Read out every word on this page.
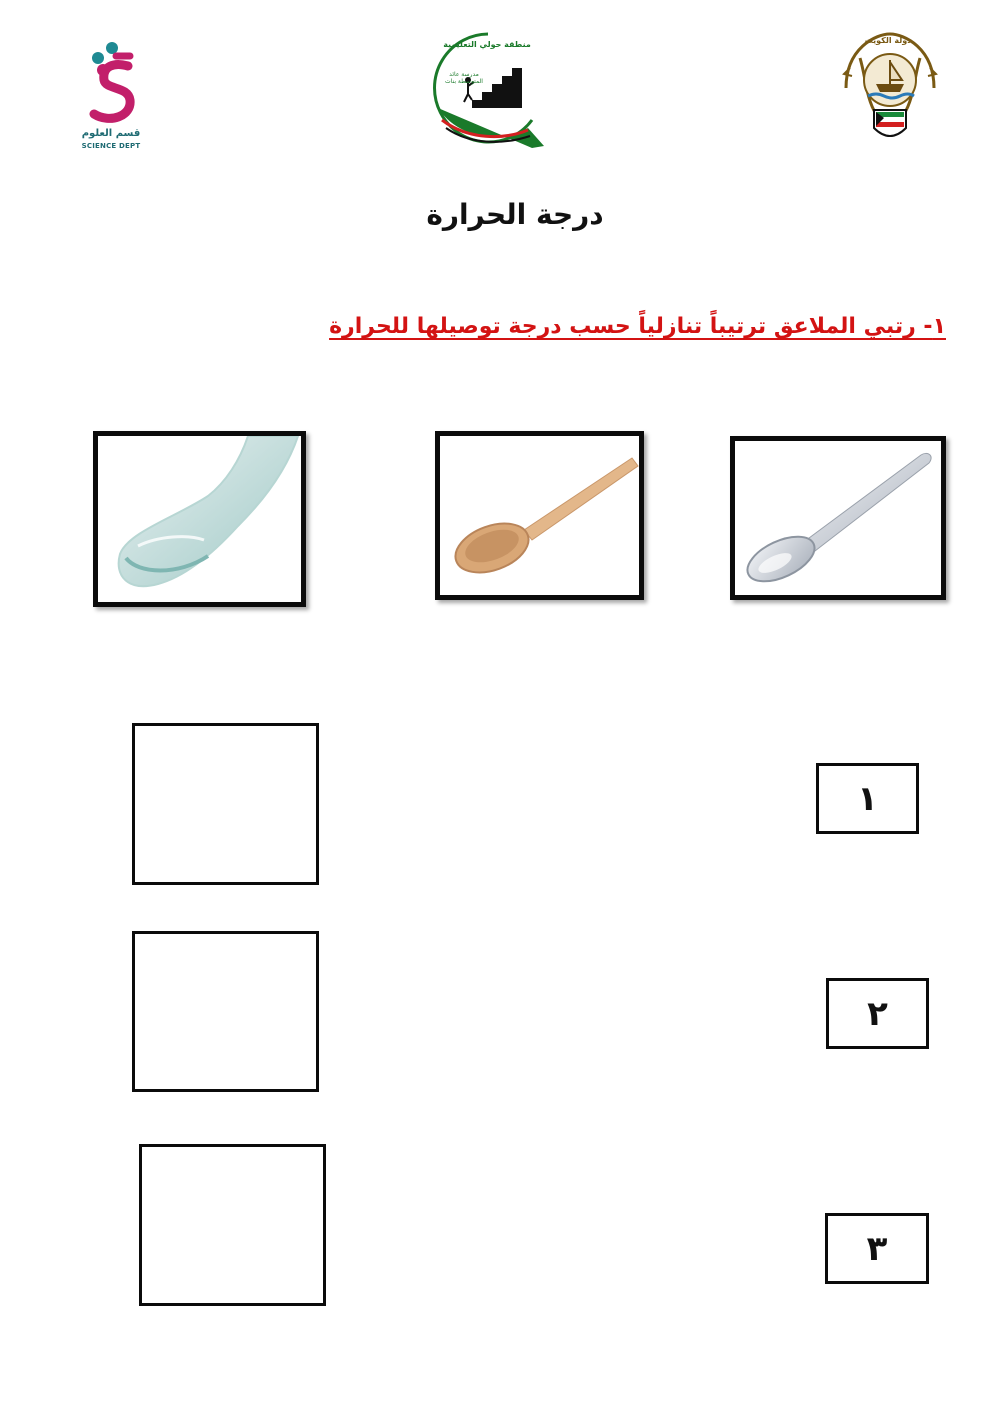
قسم العلوم
SCIENCE DEPT
منطقة حولي التعليمية
مدرسة عائد المتوسطة بنات
دولة الكويت
درجة الحرارة
١- رتبي الملاعق ترتيباً تنازلياً حسب درجة توصيلها للحرارة
١
٢
٣
